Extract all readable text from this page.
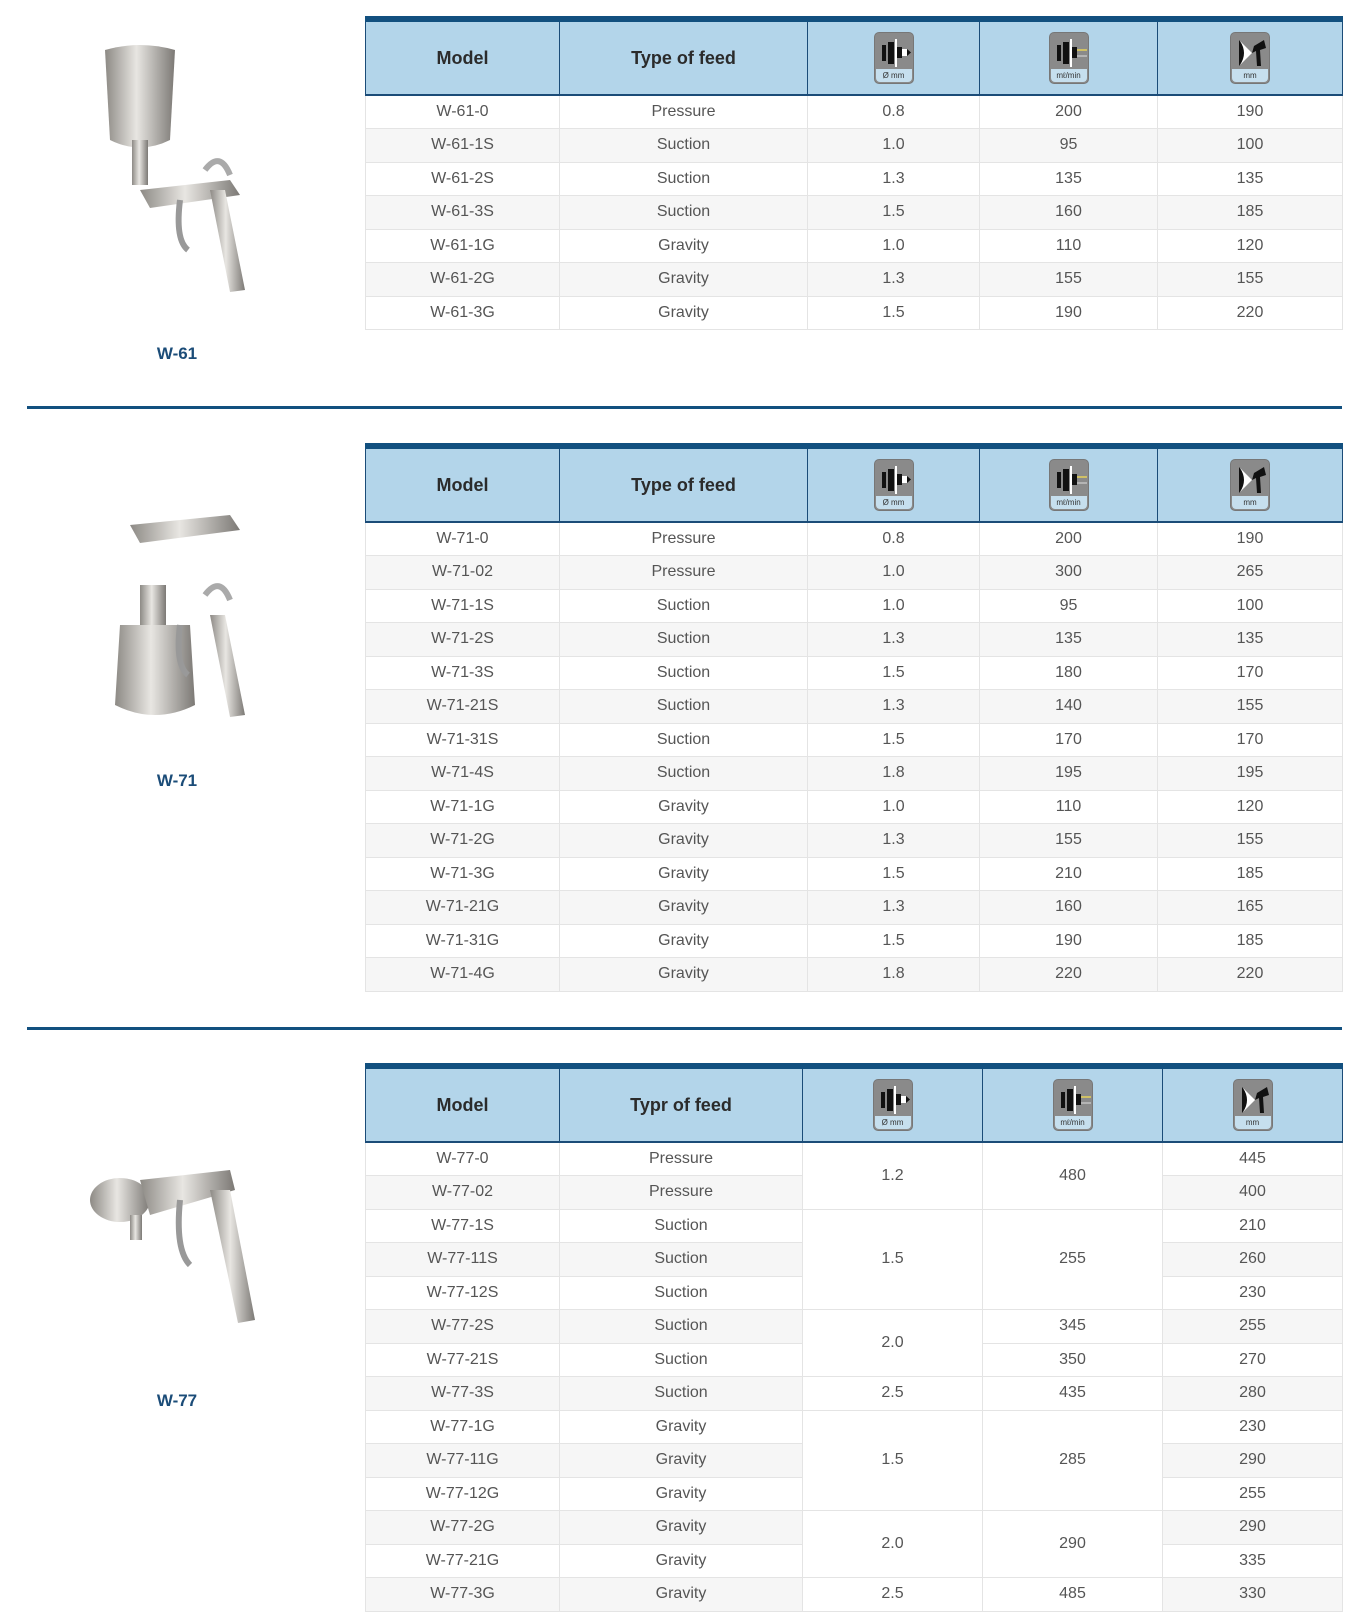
W-61
Model	Type of feed	Ø mm	mℓ/min	mm

W-61-0	Pressure	0.8	200	190
W-61-1S	Suction	1.0	95	100
W-61-2S	Suction	1.3	135	135
W-61-3S	Suction	1.5	160	185
W-61-1G	Gravity	1.0	110	120
W-61-2G	Gravity	1.3	155	155
W-61-3G	Gravity	1.5	190	220
W-71
Model	Type of feed	Ø mm	mℓ/min	mm

W-71-0	Pressure	0.8	200	190
W-71-02	Pressure	1.0	300	265
W-71-1S	Suction	1.0	95	100
W-71-2S	Suction	1.3	135	135
W-71-3S	Suction	1.5	180	170
W-71-21S	Suction	1.3	140	155
W-71-31S	Suction	1.5	170	170
W-71-4S	Suction	1.8	195	195
W-71-1G	Gravity	1.0	110	120
W-71-2G	Gravity	1.3	155	155
W-71-3G	Gravity	1.5	210	185
W-71-21G	Gravity	1.3	160	165
W-71-31G	Gravity	1.5	190	185
W-71-4G	Gravity	1.8	220	220
W-77
Model	Typr of feed	Ø mm	mℓ/min	mm

W-77-0	Pressure	1.2	480	445
W-77-02	Pressure			400
W-77-1S	Suction	1.5	255	210
W-77-11S	Suction			260
W-77-12S	Suction			230
W-77-2S	Suction	2.0	345	255
W-77-21S	Suction		350	270
W-77-3S	Suction	2.5	435	280
W-77-1G	Gravity	1.5	285	230
W-77-11G	Gravity			290
W-77-12G	Gravity			255
W-77-2G	Gravity	2.0	290	290
W-77-21G	Gravity			335
W-77-3G	Gravity	2.5	485	330
